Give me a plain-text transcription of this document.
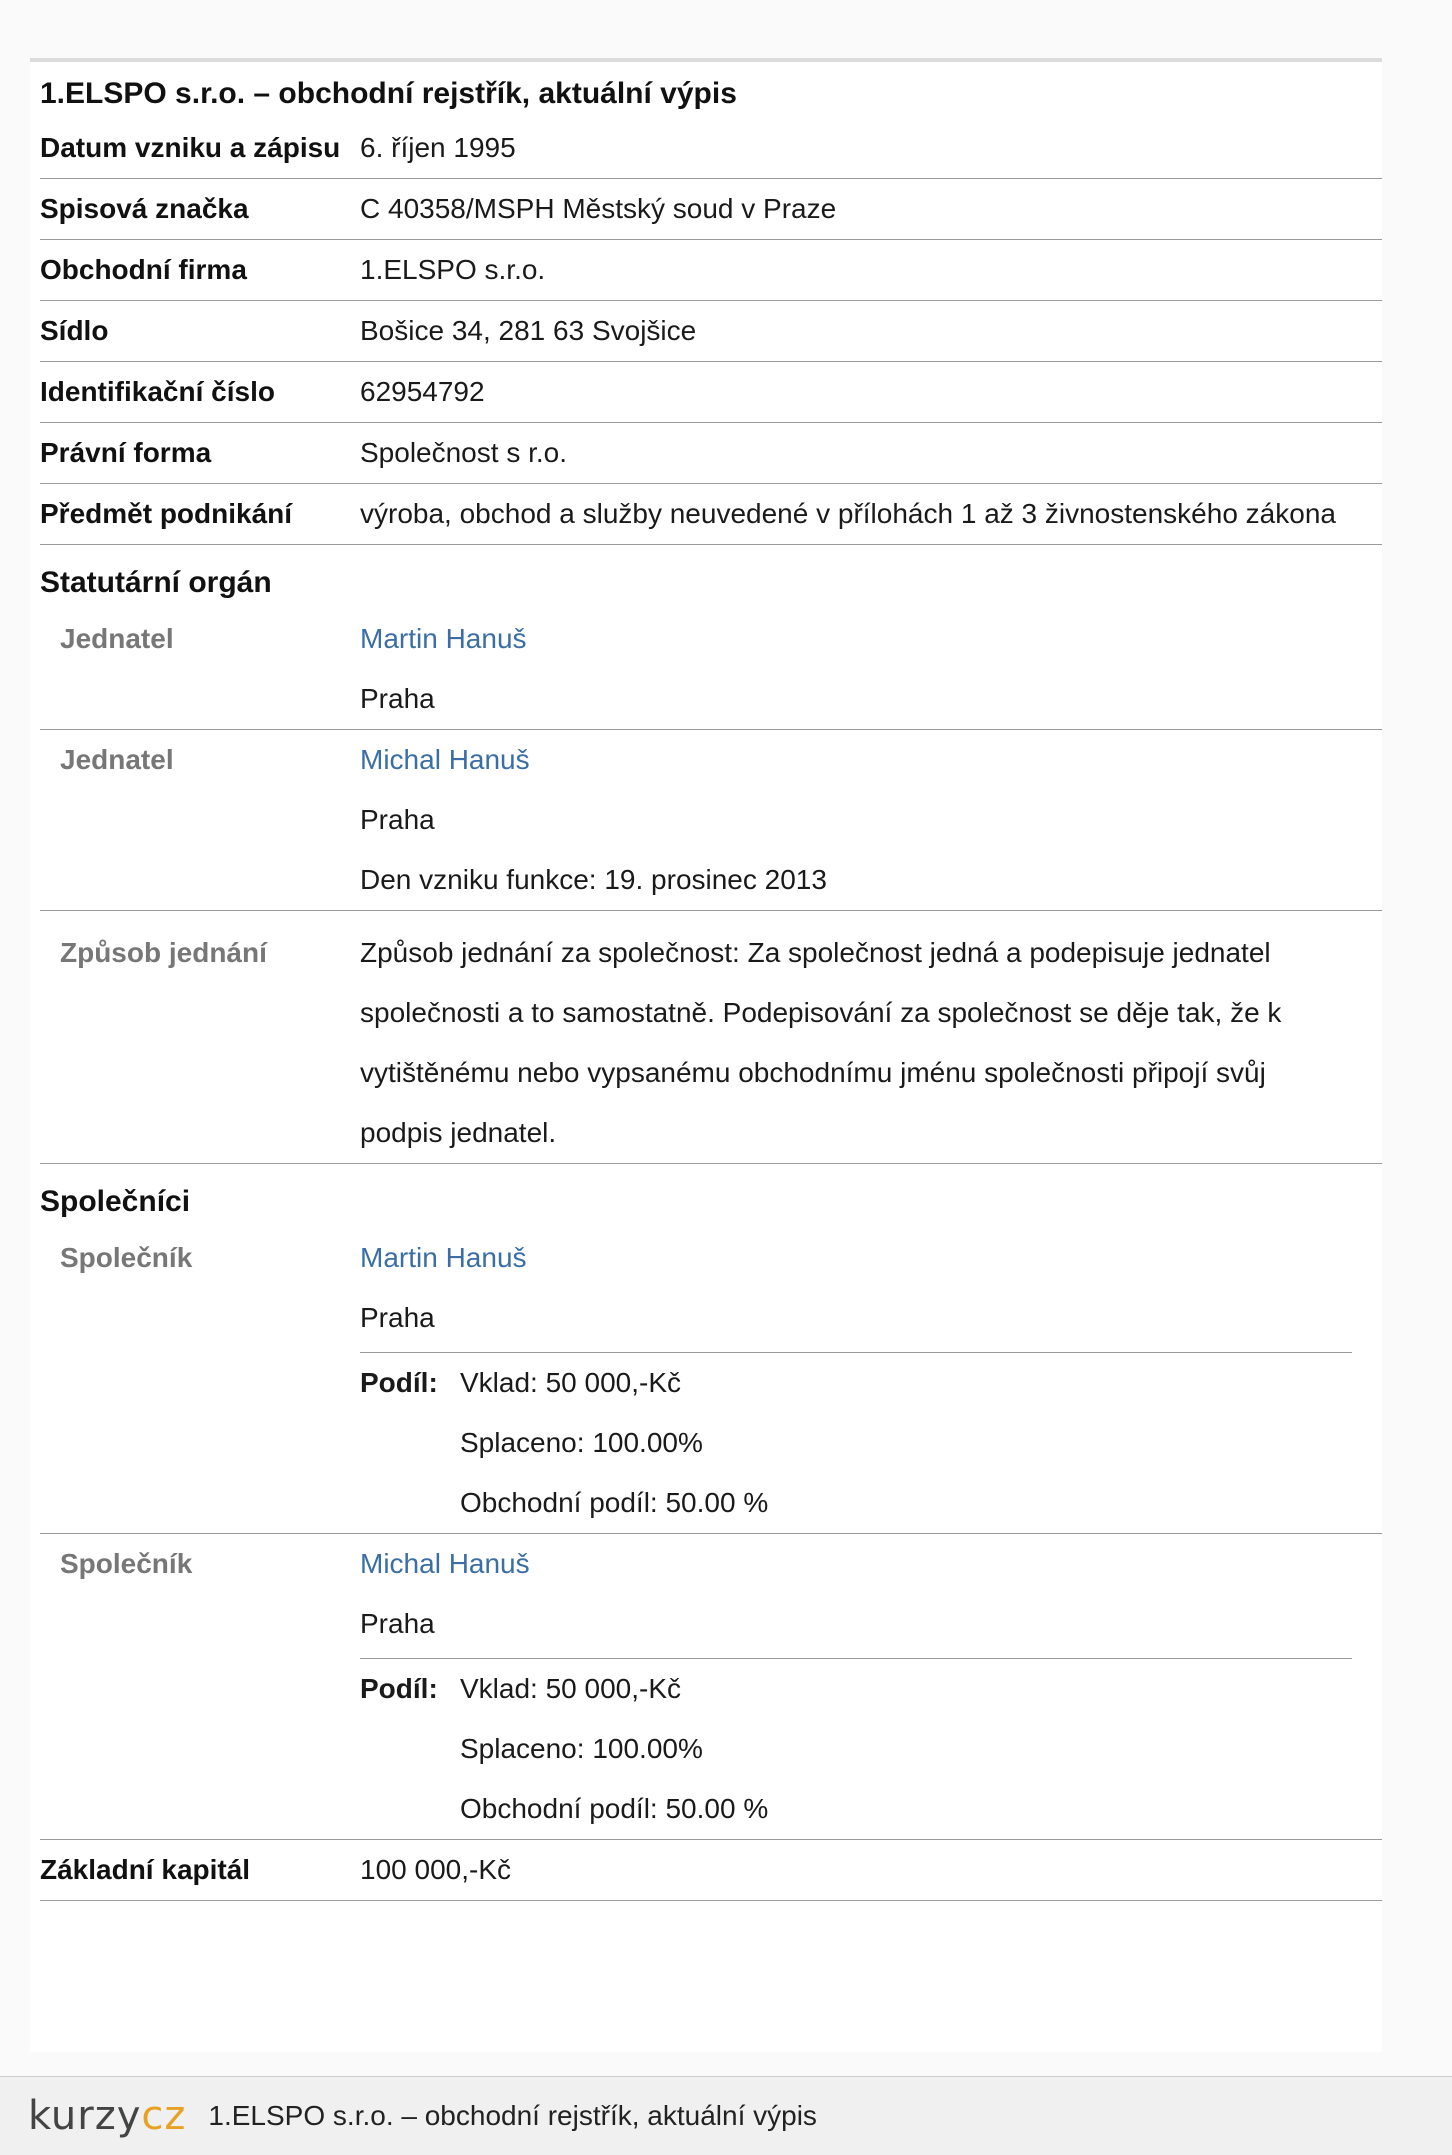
1.ELSPO s.r.o. – obchodní rejstřík, aktuální výpis
Datum vzniku a zápisu 6. říjen 1995
Spisová značka	C 40358/MSPH Městský soud v Praze
Obchodní firma	1.ELSPO s.r.o.
Sídlo	Bošice 34, 281 63 Svojšice
Identifikační číslo	62954792
Právní forma	Společnost s r.o.
Předmět podnikání	výroba, obchod a služby neuvedené v přílohách 1 až 3 živnostenského zákona
Statutární orgán
Jednatel	Martin Hanuš
Praha
Jednatel	Michal Hanuš
Praha
Den vzniku funkce: 19. prosinec 2013
Způsob jednání	Způsob jednání za společnost: Za společnost jedná a podepisuje jednatel společnosti a to samostatně. Podepisování za společnost se děje tak, že k vytištěnému nebo vypsanému obchodnímu jménu společnosti připojí svůj podpis jednatel.
Společníci
Společník	Martin Hanuš
Praha
Podíl: Vklad: 50 000,-Kč
Splaceno: 100.00%
Obchodní podíl: 50.00 %
Společník	Michal Hanuš
Praha
Podíl: Vklad: 50 000,-Kč
Splaceno: 100.00%
Obchodní podíl: 50.00 %
Základní kapitál	100 000,-Kč
kurzycz 1.ELSPO s.r.o. – obchodní rejstřík, aktuální výpis
